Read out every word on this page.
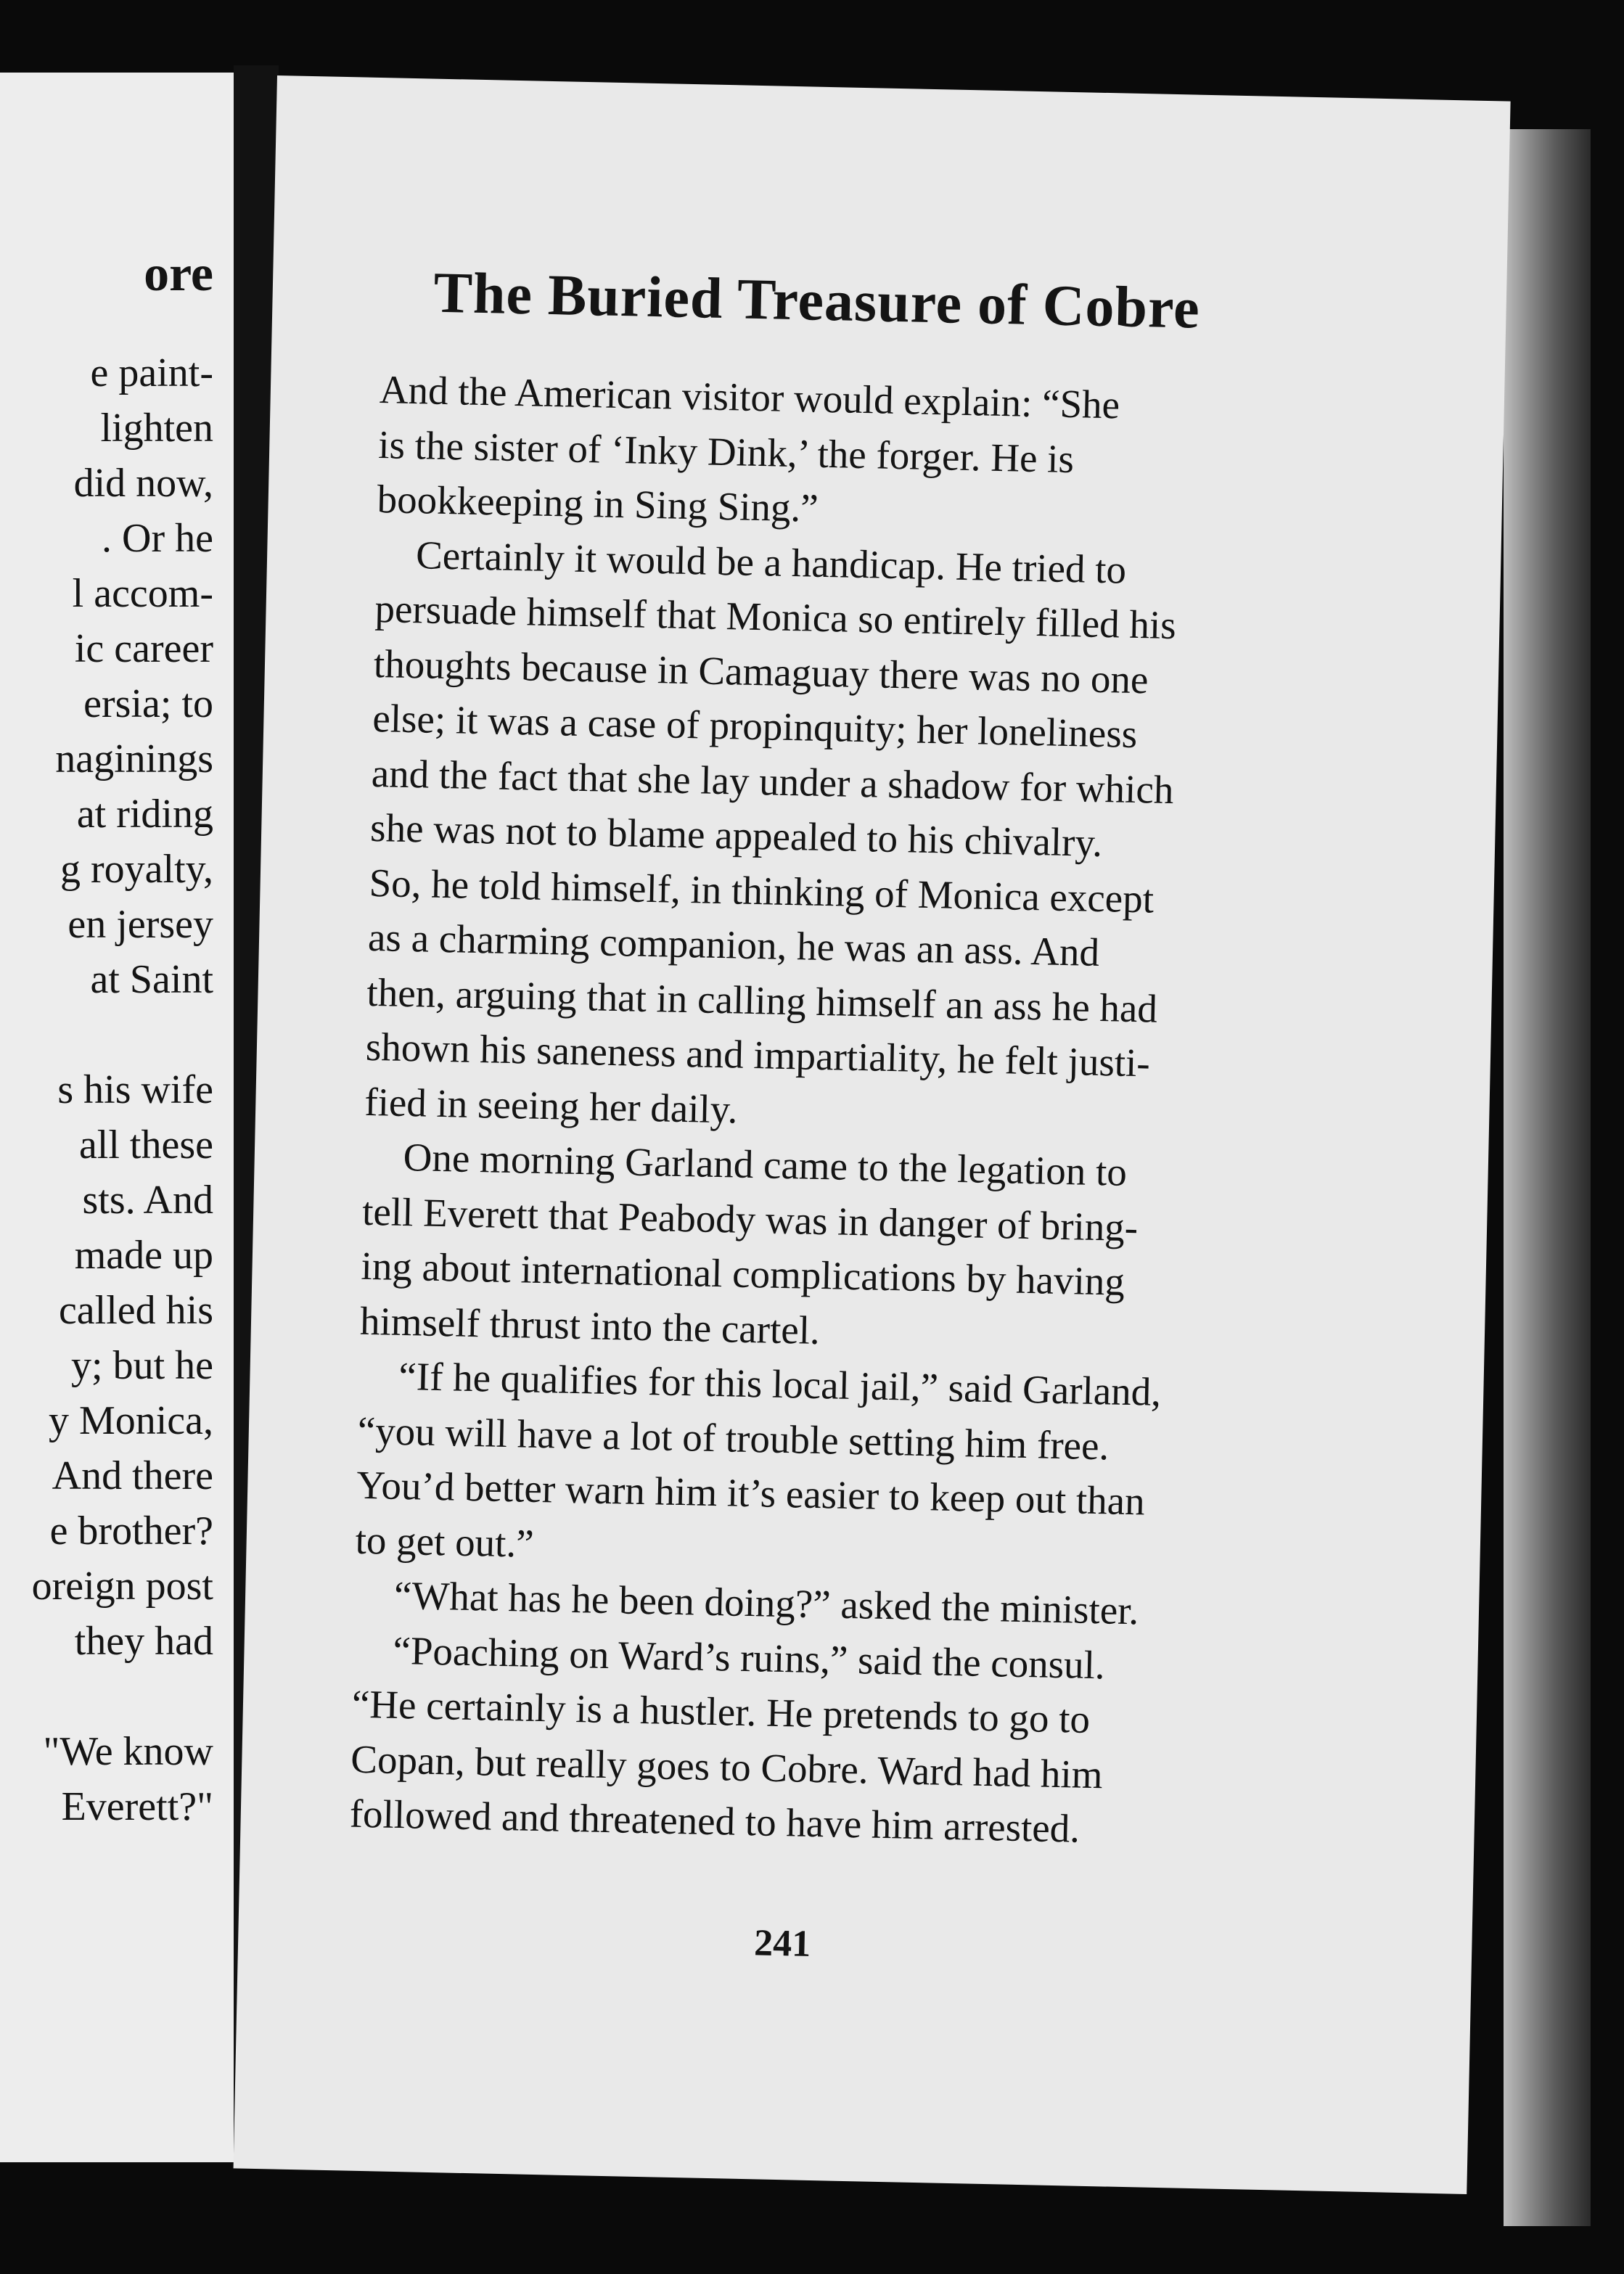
ore
e paint-
lighten
did now,
. Or he
l accom-
ic career
ersia; to
naginings
at riding
g royalty,
en jersey
at Saint

s his wife
all these
sts. And
made up
called his
y; but he
y Monica,
And there
e brother?
oreign post
they had

"We know
Everett?"
The Buried Treasure of Cobre
And the American visitor would explain: “She
is the sister of ‘Inky Dink,’ the forger. He is
bookkeeping in Sing Sing.”
Certainly it would be a handicap. He tried to
persuade himself that Monica so entirely filled his
thoughts because in Camaguay there was no one
else; it was a case of propinquity; her loneliness
and the fact that she lay under a shadow for which
she was not to blame appealed to his chivalry.
So, he told himself, in thinking of Monica except
as a charming companion, he was an ass. And
then, arguing that in calling himself an ass he had
shown his saneness and impartiality, he felt justi-
fied in seeing her daily.
One morning Garland came to the legation to
tell Everett that Peabody was in danger of bring-
ing about international complications by having
himself thrust into the cartel.
“If he qualifies for this local jail,” said Garland,
“you will have a lot of trouble setting him free.
You’d better warn him it’s easier to keep out than
to get out.”
“What has he been doing?” asked the minister.
“Poaching on Ward’s ruins,” said the consul.
“He certainly is a hustler. He pretends to go to
Copan, but really goes to Cobre. Ward had him
followed and threatened to have him arrested.
241
